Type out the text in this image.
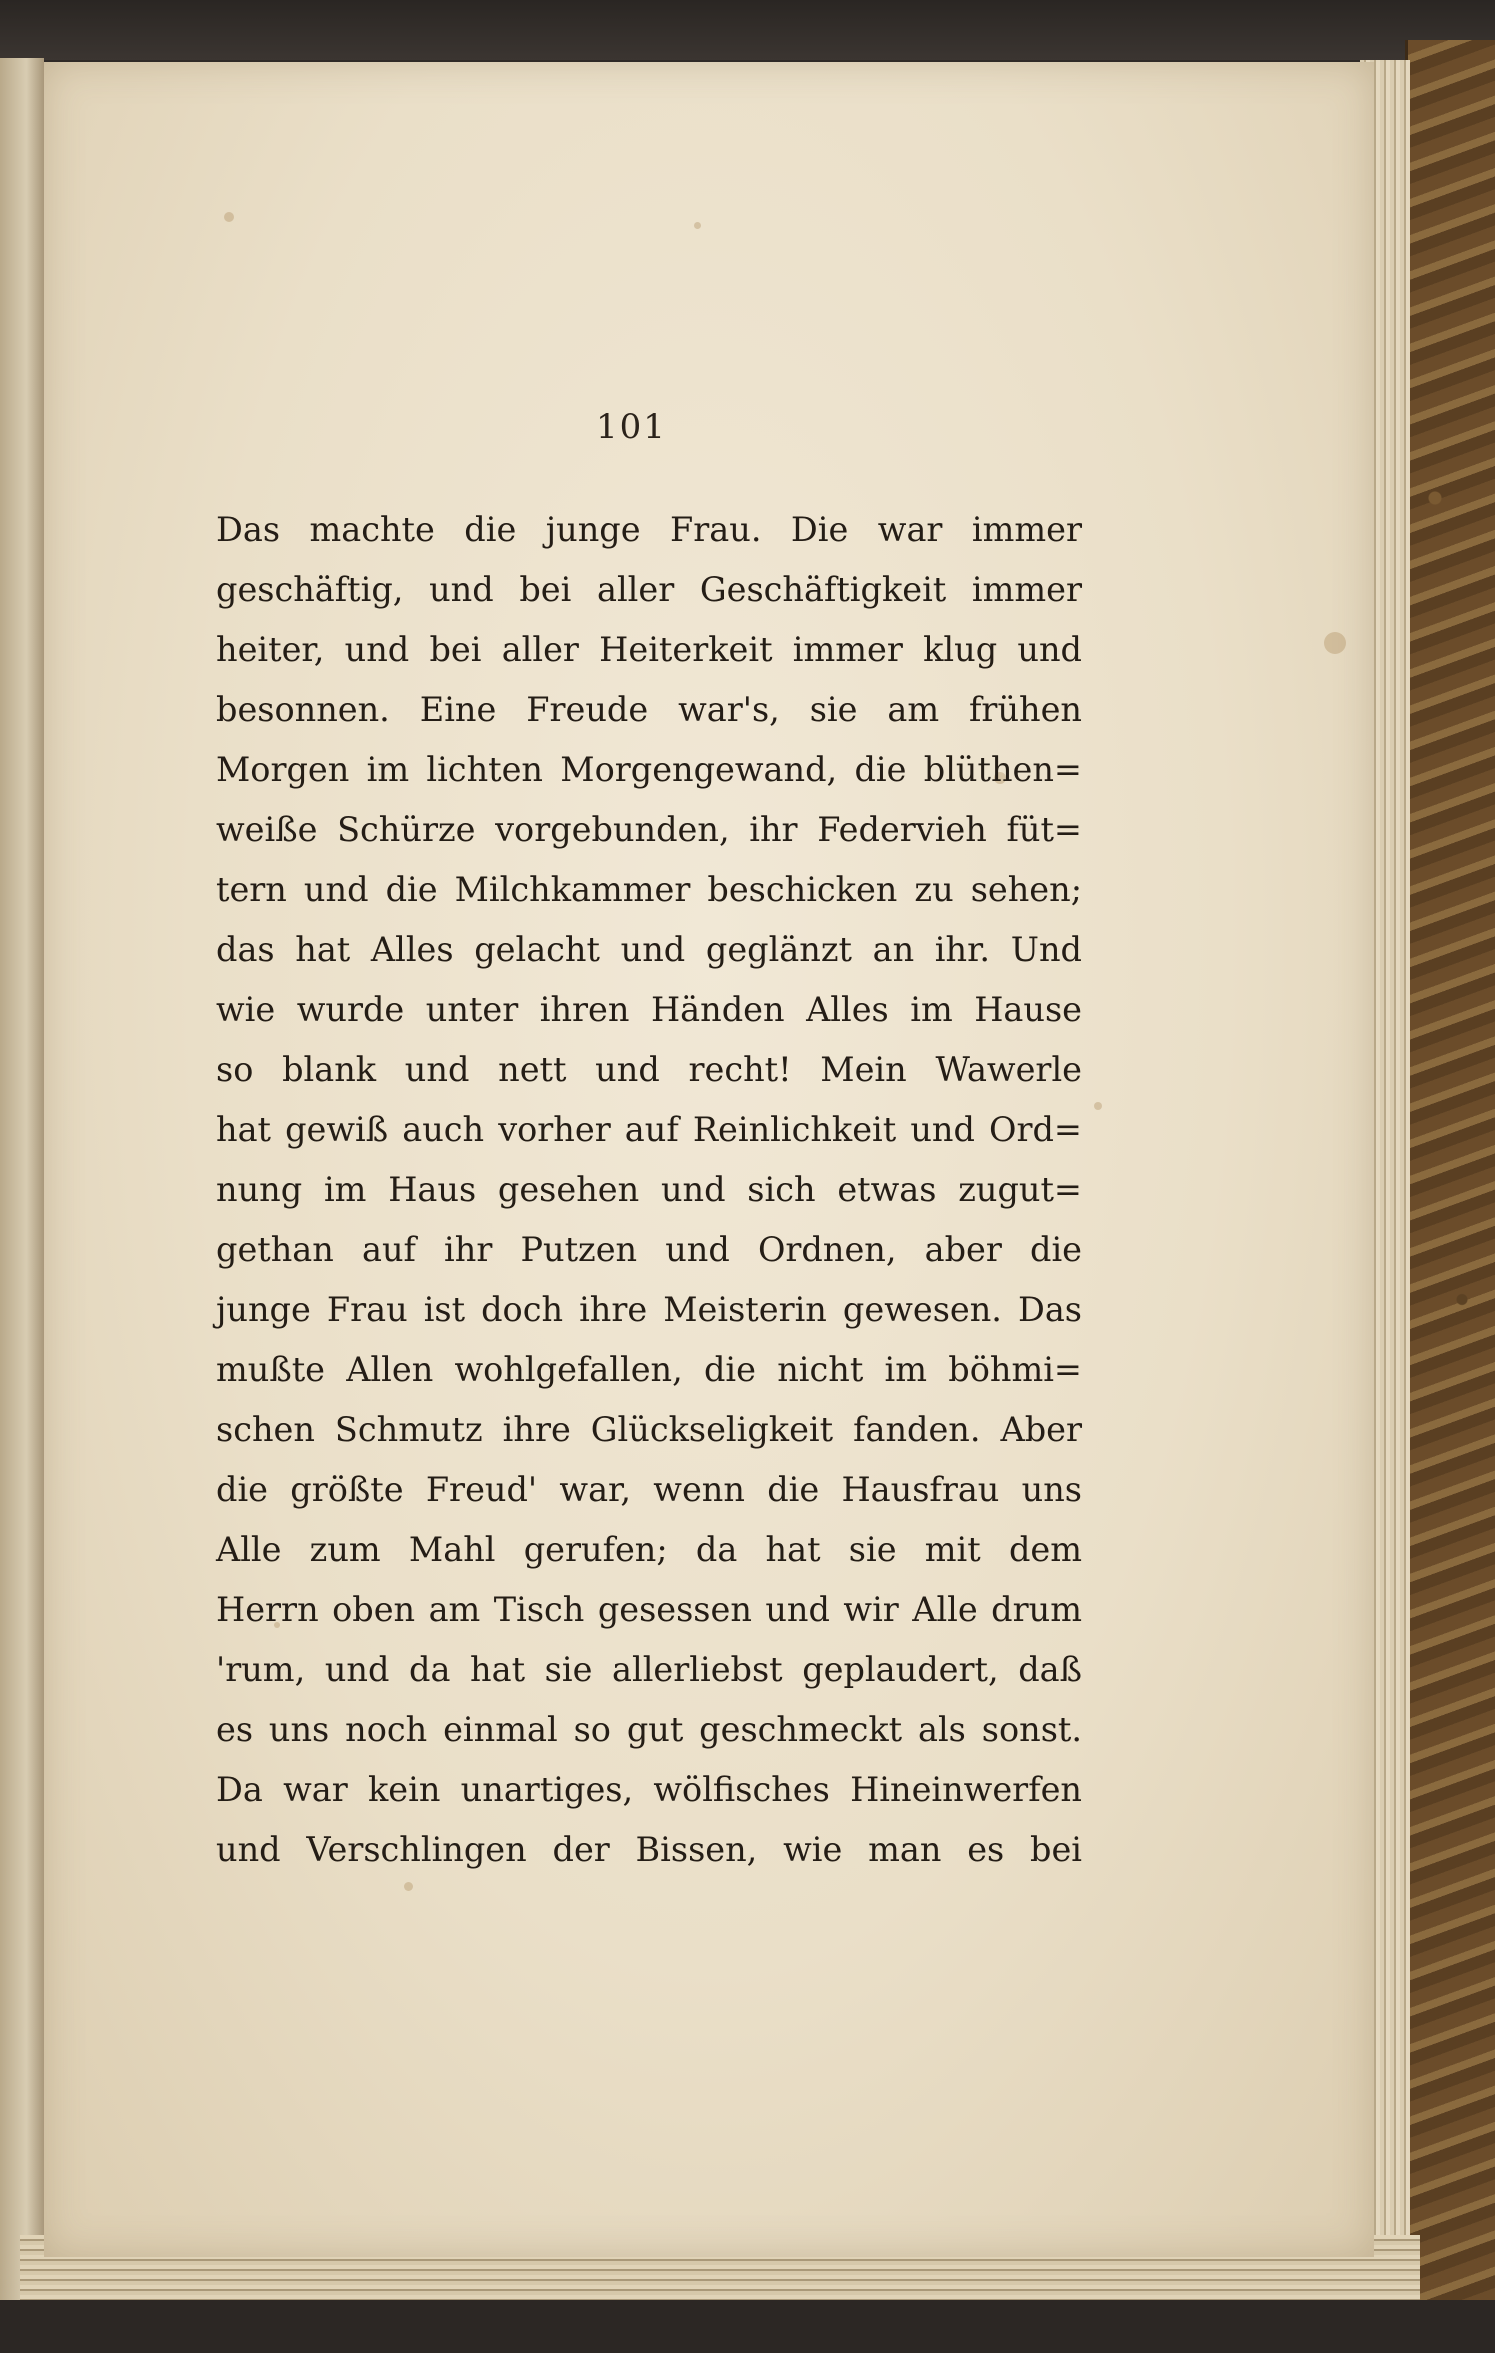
101
Das machte die junge Frau. Die war immer
geschäftig, und bei aller Geschäftigkeit immer
heiter, und bei aller Heiterkeit immer klug und
besonnen. Eine Freude war's, sie am frühen
Morgen im lichten Morgengewand, die blüthen=
weiße Schürze vorgebunden, ihr Federvieh füt=
tern und die Milchkammer beschicken zu sehen;
das hat Alles gelacht und geglänzt an ihr. Und
wie wurde unter ihren Händen Alles im Hause
so blank und nett und recht! Mein Wawerle
hat gewiß auch vorher auf Reinlichkeit und Ord=
nung im Haus gesehen und sich etwas zugut=
gethan auf ihr Putzen und Ordnen, aber die
junge Frau ist doch ihre Meisterin gewesen. Das
mußte Allen wohlgefallen, die nicht im böhmi=
schen Schmutz ihre Glückseligkeit fanden. Aber
die größte Freud' war, wenn die Hausfrau uns
Alle zum Mahl gerufen; da hat sie mit dem
Herrn oben am Tisch gesessen und wir Alle drum
'rum, und da hat sie allerliebst geplaudert, daß
es uns noch einmal so gut geschmeckt als sonst.
Da war kein unartiges, wölfisches Hineinwerfen
und Verschlingen der Bissen, wie man es bei
